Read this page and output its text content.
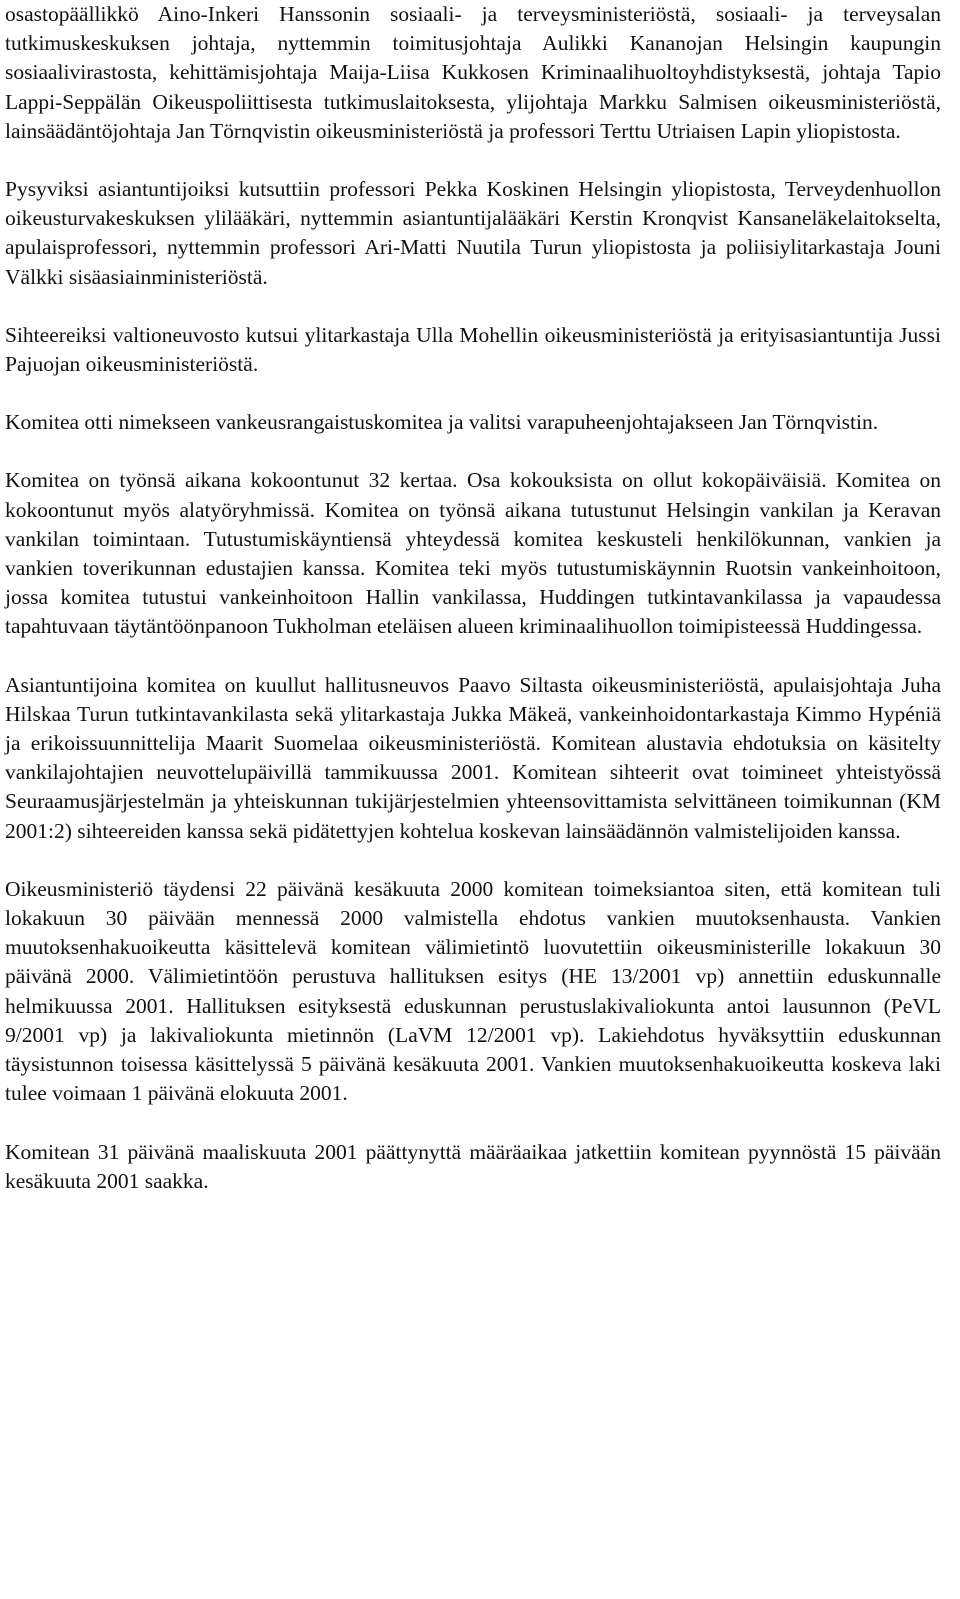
osastopäällikkö Aino-Inkeri Hanssonin sosiaali- ja terveysministeriöstä, sosiaali- ja terveysalan tutkimuskeskuksen johtaja, nyttemmin toimitusjohtaja Aulikki Kananojan Helsingin kaupungin sosiaalivirastosta, kehittämisjohtaja Maija-Liisa Kukkosen Kriminaalihuoltoyhdistyksestä, johtaja Tapio Lappi-Seppälän Oikeuspoliittisesta tutkimuslaitoksesta, ylijohtaja Markku Salmisen oikeusministeriöstä, lainsäädäntöjohtaja Jan Törnqvistin oikeusministeriöstä ja professori Terttu Utriaisen Lapin yliopistosta.

Pysyviksi asiantuntijoiksi kutsuttiin professori Pekka Koskinen Helsingin yliopistosta, Terveydenhuollon oikeusturvakeskuksen ylilääkäri, nyttemmin asiantuntijalääkäri Kerstin Kronqvist Kansaneläkelaitokselta, apulaisprofessori, nyttemmin professori Ari-Matti Nuutila Turun yliopistosta ja poliisiylitarkastaja Jouni Välkki sisäasiainministeriöstä.

Sihteereiksi valtioneuvosto kutsui ylitarkastaja Ulla Mohellin oikeusministeriöstä ja erityisasiantuntija Jussi Pajuojan oikeusministeriöstä.

Komitea otti nimekseen vankeusrangaistuskomitea ja valitsi varapuheenjohtajakseen Jan Törnqvistin.

Komitea on työnsä aikana kokoontunut 32 kertaa. Osa kokouksista on ollut kokopäiväisiä. Komitea on kokoontunut myös alatyöryhmissä. Komitea on työnsä aikana tutustunut Helsingin vankilan ja Keravan vankilan toimintaan. Tutustumiskäyntiensä yhteydessä komitea keskusteli henkilökunnan, vankien ja vankien toverikunnan edustajien kanssa. Komitea teki myös tutustumiskäynnin Ruotsin vankeinhoitoon, jossa komitea tutustui vankeinhoitoon Hallin vankilassa, Huddingen tutkintavankilassa ja vapaudessa tapahtuvaan täytäntöönpanoon Tukholman eteläisen alueen kriminaalihuollon toimipisteessä Huddingessa.

Asiantuntijoina komitea on kuullut hallitusneuvos Paavo Siltasta oikeusministeriöstä, apulaisjohtaja Juha Hilskaa Turun tutkintavankilasta sekä ylitarkastaja Jukka Mäkeä, vankeinhoidontarkastaja Kimmo Hypéniä ja erikoissuunnittelija Maarit Suomelaa oikeusministeriöstä. Komitean alustavia ehdotuksia on käsitelty vankilajohtajien neuvottelupäivillä tammikuussa 2001. Komitean sihteerit ovat toimineet yhteistyössä Seuraamusjärjestelmän ja yhteiskunnan tukijärjestelmien yhteensovittamista selvittäneen toimikunnan (KM 2001:2) sihteereiden kanssa sekä pidätettyjen kohtelua koskevan lainsäädännön valmistelijoiden kanssa.

Oikeusministeriö täydensi 22 päivänä kesäkuuta 2000 komitean toimeksiantoa siten, että komitean tuli lokakuun 30 päivään mennessä 2000 valmistella ehdotus vankien muutoksenhausta. Vankien muutoksenhakuoikeutta käsittelevä komitean välimietintö luovutettiin oikeusministerille lokakuun 30 päivänä 2000. Välimietintöön perustuva hallituksen esitys (HE 13/2001 vp) annettiin eduskunnalle helmikuussa 2001. Hallituksen esityksestä eduskunnan perustuslakivaliokunta antoi lausunnon (PeVL 9/2001 vp) ja lakivaliokunta mietinnön (LaVM 12/2001 vp). Lakiehdotus hyväksyttiin eduskunnan täysistunnon toisessa käsittelyssä 5 päivänä kesäkuuta 2001. Vankien muutoksenhakuoikeutta koskeva laki tulee voimaan 1 päivänä elokuuta 2001.

Komitean 31 päivänä maaliskuuta 2001 päättynyttä määräaikaa jatkettiin komitean pyynnöstä 15 päivään kesäkuuta 2001 saakka.
